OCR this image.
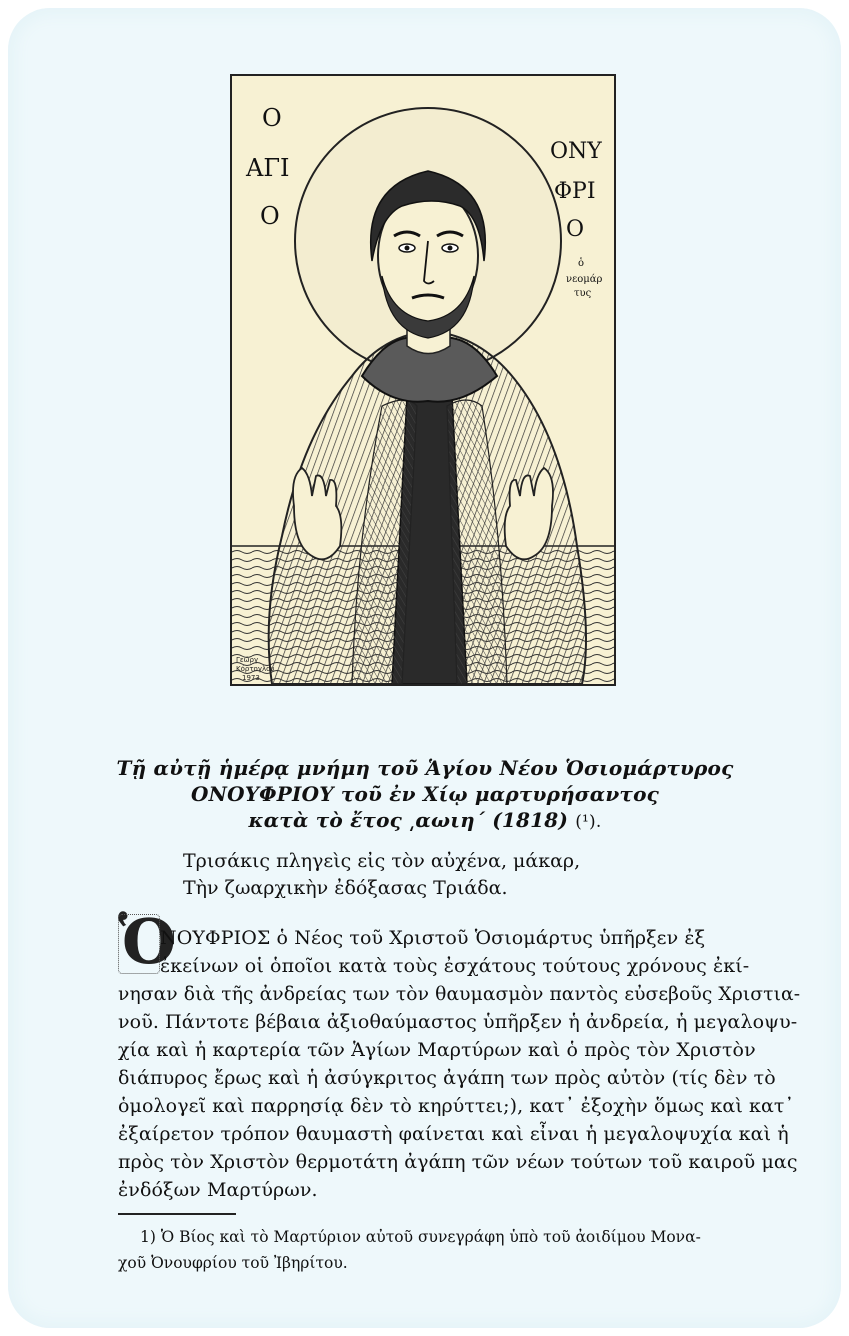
Ο
ΑΓΙ
Ο
ΟΝΥ
ΦΡΙ
Ο
ὁ
νεομάρ
τυς
Γεώργ
Κόρτογλου
1973
Τῇ αὐτῇ ἡμέρᾳ μνήμη τοῦ Ἁγίου Νέου Ὁσιομάρτυρος
ΟΝΟΥΦΡΙΟΥ τοῦ ἐν Χίῳ μαρτυρήσαντος
κατὰ τὸ ἔτος ͵αωιη´ (1818) (¹).
Τρισάκις πληγεὶς εἰς τὸν αὐχένα, μάκαρ,
Τὴν ζωαρχικὴν ἐδόξασας Τριάδα.
Ὁ
ΝΟΥΦΡΙΟΣ ὁ Νέος τοῦ Χριστοῦ Ὁσιομάρτυς ὑπῆρξεν ἐξ
ἐκείνων οἱ ὁποῖοι κατὰ τοὺς ἐσχάτους τούτους χρόνους ἐκί-
νησαν διὰ τῆς ἀνδρείας των τὸν θαυμασμὸν παντὸς εὐσεβοῦς Χριστια-
νοῦ. Πάντοτε βέβαια ἀξιοθαύμαστος ὑπῆρξεν ἡ ἀνδρεία, ἡ μεγαλοψυ-
χία καὶ ἡ καρτερία τῶν Ἁγίων Μαρτύρων καὶ ὁ πρὸς τὸν Χριστὸν
διάπυρος ἔρως καὶ ἡ ἀσύγκριτος ἀγάπη των πρὸς αὐτὸν (τίς δὲν τὸ
ὁμολογεῖ καὶ παρρησίᾳ δὲν τὸ κηρύττει;), κατ᾽ ἐξοχὴν ὅμως καὶ κατ᾽
ἐξαίρετον τρόπον θαυμαστὴ φαίνεται καὶ εἶναι ἡ μεγαλοψυχία καὶ ἡ
πρὸς τὸν Χριστὸν θερμοτάτη ἀγάπη τῶν νέων τούτων τοῦ καιροῦ μας
ἐνδόξων Μαρτύρων.
1) Ὁ Βίος καὶ τὸ Μαρτύριον αὐτοῦ συνεγράφη ὑπὸ τοῦ ἀοιδίμου Μονα-
χοῦ Ὀνουφρίου τοῦ Ἰβηρίτου.
